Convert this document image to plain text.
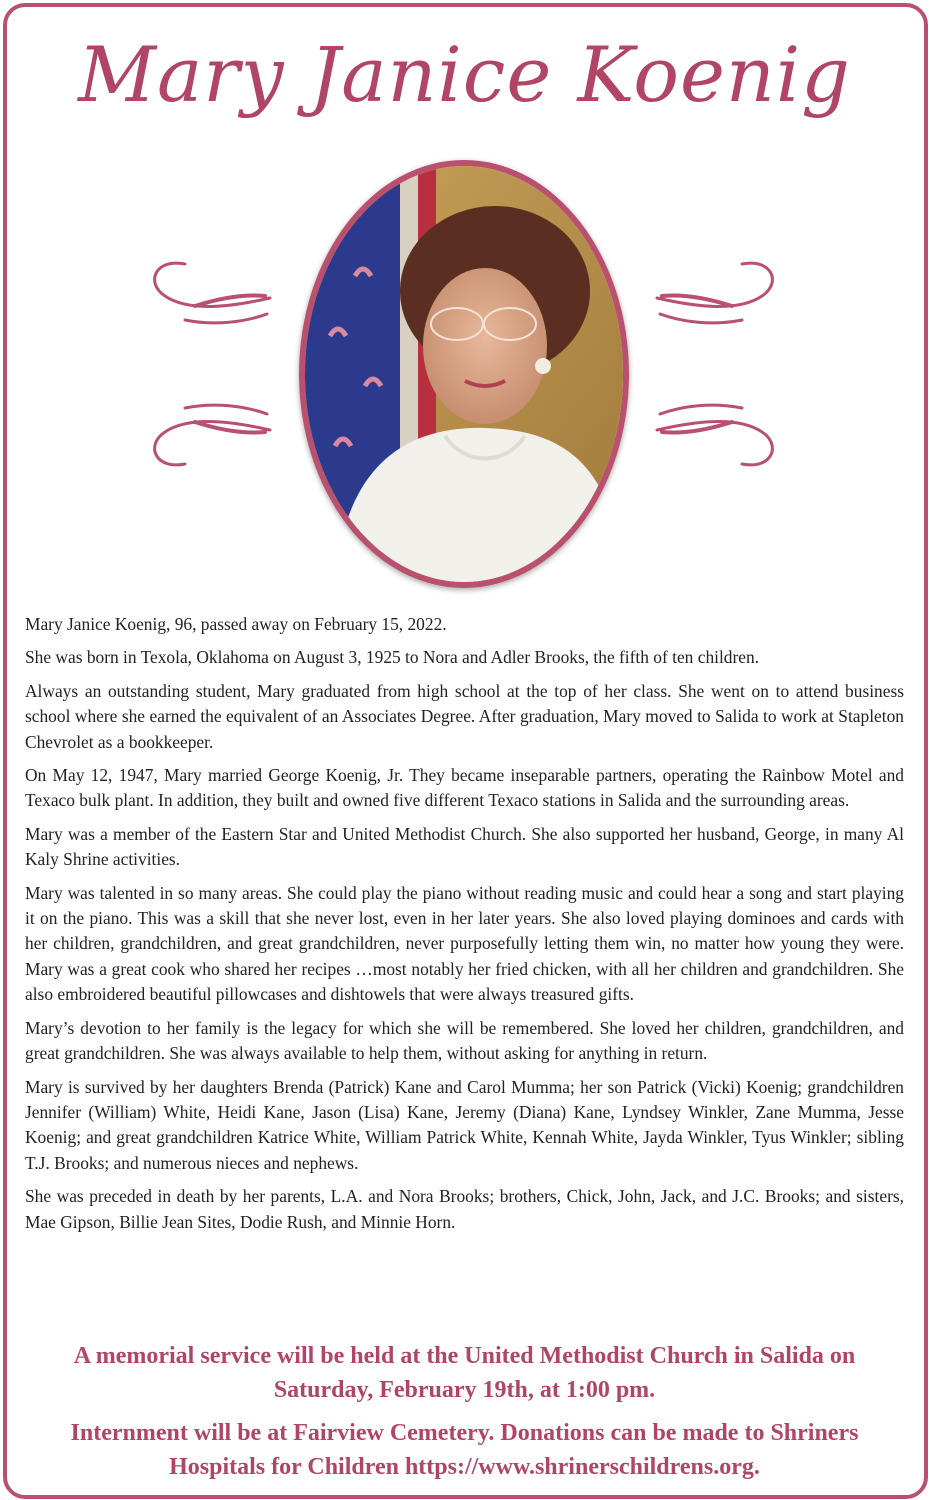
Mary Janice Koenig

Mary Janice Koenig, 96, passed away on February 15, 2022.

She was born in Texola, Oklahoma on August 3, 1925 to Nora and Adler Brooks, the fifth of ten children.

Always an outstanding student, Mary graduated from high school at the top of her class. She went on to attend business school where she earned the equivalent of an Associates Degree. After graduation, Mary moved to Salida to work at Stapleton Chevrolet as a bookkeeper.

On May 12, 1947, Mary married George Koenig, Jr. They became inseparable partners, operating the Rainbow Motel and Texaco bulk plant. In addition, they built and owned five different Texaco stations in Salida and the surrounding areas.

Mary was a member of the Eastern Star and United Methodist Church. She also supported her husband, George, in many Al Kaly Shrine activities.

Mary was talented in so many areas. She could play the piano without reading music and could hear a song and start playing it on the piano. This was a skill that she never lost, even in her later years. She also loved playing dominoes and cards with her children, grandchildren, and great grandchildren, never purposefully letting them win, no matter how young they were. Mary was a great cook who shared her recipes …most notably her fried chicken, with all her children and grandchildren. She also embroidered beautiful pillowcases and dishtowels that were always treasured gifts.

Mary’s devotion to her family is the legacy for which she will be remembered. She loved her children, grandchildren, and great grandchildren. She was always available to help them, without asking for anything in return.

Mary is survived by her daughters Brenda (Patrick) Kane and Carol Mumma; her son Patrick (Vicki) Koenig; grandchildren Jennifer (William) White, Heidi Kane, Jason (Lisa) Kane, Jeremy (Diana) Kane, Lyndsey Winkler, Zane Mumma, Jesse Koenig; and great grandchildren Katrice White, William Patrick White, Kennah White, Jayda Winkler, Tyus Winkler; sibling T.J. Brooks; and numerous nieces and nephews.

She was preceded in death by her parents, L.A. and Nora Brooks; brothers, Chick, John, Jack, and J.C. Brooks; and sisters, Mae Gipson, Billie Jean Sites, Dodie Rush, and Minnie Horn.

A memorial service will be held at the United Methodist Church in Salida on Saturday, February 19th, at 1:00 pm.
Internment will be at Fairview Cemetery. Donations can be made to Shriners Hospitals for Children https://www.shrinerschildrens.org.
